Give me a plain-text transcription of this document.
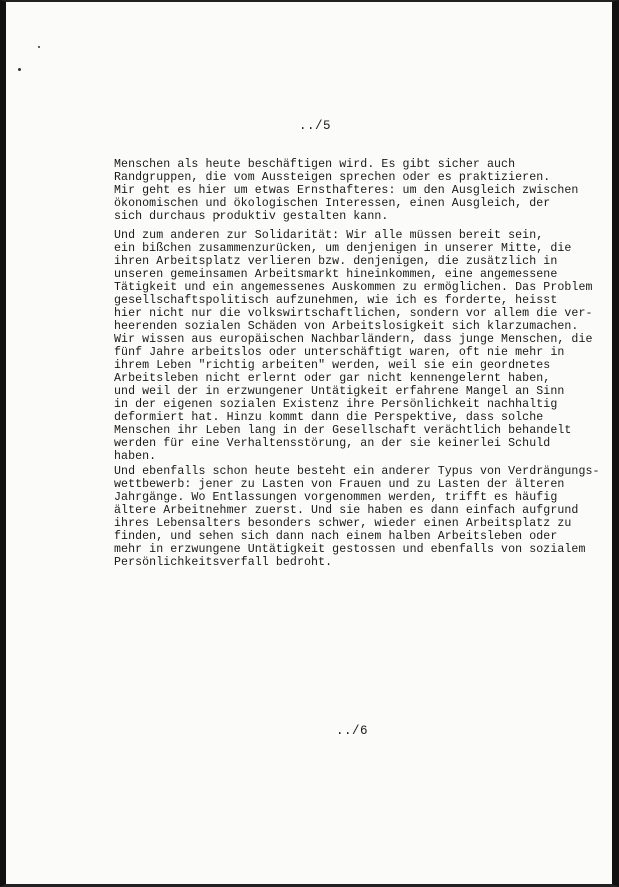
../5

Menschen als heute beschäftigen wird. Es gibt sicher auch
Randgruppen, die vom Aussteigen sprechen oder es praktizieren.
Mir geht es hier um etwas Ernsthafteres: um den Ausgleich zwischen
ökonomischen und ökologischen Interessen, einen Ausgleich, der
sich durchaus produktiv gestalten kann.

Und zum anderen zur Solidarität: Wir alle müssen bereit sein,
ein bißchen zusammenzurücken, um denjenigen in unserer Mitte, die
ihren Arbeitsplatz verlieren bzw. denjenigen, die zusätzlich in
unseren gemeinsamen Arbeitsmarkt hineinkommen, eine angemessene
Tätigkeit und ein angemessenes Auskommen zu ermöglichen. Das Problem
gesellschaftspolitisch aufzunehmen, wie ich es forderte, heisst
hier nicht nur die volkswirtschaftlichen, sondern vor allem die ver-
heerenden sozialen Schäden von Arbeitslosigkeit sich klarzumachen.

Wir wissen aus europäischen Nachbarländern, dass junge Menschen, die
fünf Jahre arbeitslos oder unterschäftigt waren, oft nie mehr in
ihrem Leben "richtig arbeiten" werden, weil sie ein geordnetes
Arbeitsleben nicht erlernt oder gar nicht kennengelernt haben,
und weil der in erzwungener Untätigkeit erfahrene Mangel an Sinn
in der eigenen sozialen Existenz ihre Persönlichkeit nachhaltig
deformiert hat. Hinzu kommt dann die Perspektive, dass solche
Menschen ihr Leben lang in der Gesellschaft verächtlich behandelt
werden für eine Verhaltensstörung, an der sie keinerlei Schuld
haben.

Und ebenfalls schon heute besteht ein anderer Typus von Verdrängungs-
wettbewerb: jener zu Lasten von Frauen und zu Lasten der älteren
Jahrgänge. Wo Entlassungen vorgenommen werden, trifft es häufig
ältere Arbeitnehmer zuerst. Und sie haben es dann einfach aufgrund
ihres Lebensalters besonders schwer, wieder einen Arbeitsplatz zu
finden, und sehen sich dann nach einem halben Arbeitsleben oder
mehr in erzwungene Untätigkeit gestossen und ebenfalls von sozialem
Persönlichkeitsverfall bedroht.

../6
